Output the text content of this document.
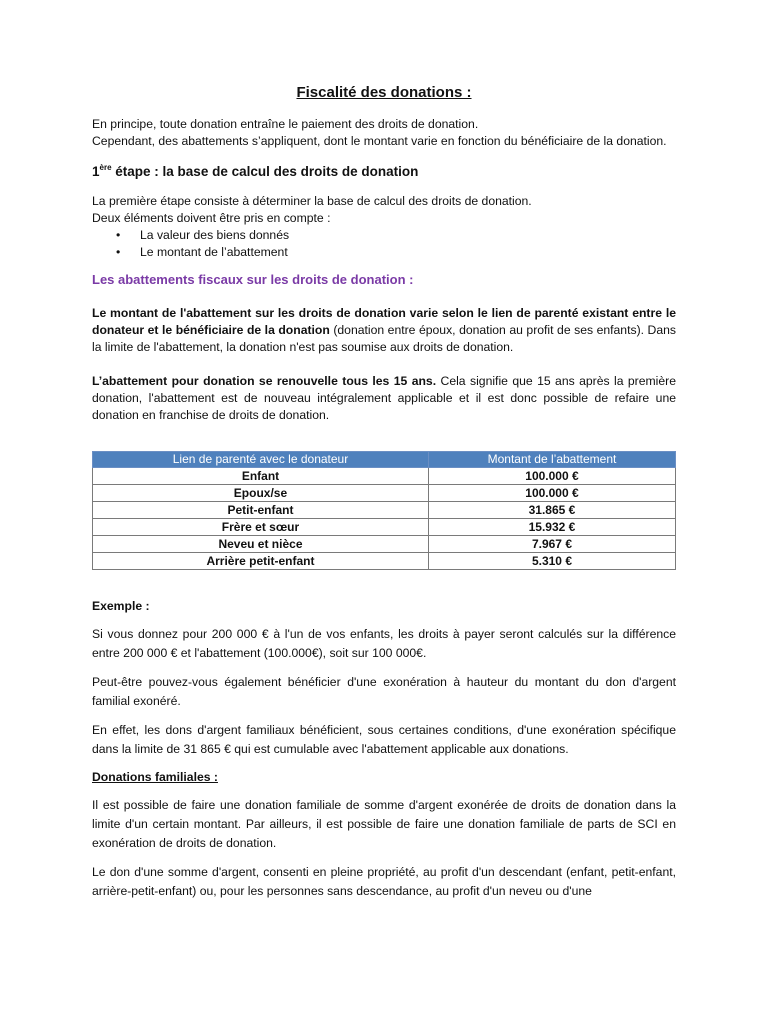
Fiscalité des donations :

En principe, toute donation entraîne le paiement des droits de donation.

Cependant, des abattements s’appliquent, dont le montant varie en fonction du bénéficiaire de la donation.

1ère étape : la base de calcul des droits de donation

La première étape consiste à déterminer la base de calcul des droits de donation.

Deux éléments doivent être pris en compte :

• La valeur des biens donnés
• Le montant de l’abattement
Les abattements fiscaux sur les droits de donation :

Le montant de l'abattement sur les droits de donation varie selon le lien de parenté existant entre le donateur et le bénéficiaire de la donation (donation entre époux, donation au profit de ses enfants). Dans la limite de l'abattement, la donation n'est pas soumise aux droits de donation.

L’abattement pour donation se renouvelle tous les 15 ans. Cela signifie que 15 ans après la première donation, l'abattement est de nouveau intégralement applicable et il est donc possible de refaire une donation en franchise de droits de donation.

Lien de parenté avec le donateur	Montant de l’abattement
Enfant	100.000 €
Epoux/se	100.000 €
Petit-enfant	31.865 €
Frère et sœur	15.932 €
Neveu et nièce	7.967 €
Arrière petit-enfant	5.310 €
Exemple :

Si vous donnez pour 200 000 € à l'un de vos enfants, les droits à payer seront calculés sur la différence entre 200 000 € et l'abattement (100.000€), soit sur 100 000€.

Peut-être pouvez-vous également bénéficier d'une exonération à hauteur du montant du don d'argent familial exonéré.

En effet, les dons d'argent familiaux bénéficient, sous certaines conditions, d'une exonération spécifique dans la limite de 31 865 € qui est cumulable avec l'abattement applicable aux donations.

Donations familiales :

Il est possible de faire une donation familiale de somme d'argent exonérée de droits de donation dans la limite d'un certain montant. Par ailleurs, il est possible de faire une donation familiale de parts de SCI en exonération de droits de donation.

Le don d'une somme d'argent, consenti en pleine propriété, au profit d'un descendant (enfant, petit-enfant, arrière-petit-enfant) ou, pour les personnes sans descendance, au profit d'un neveu ou d'une
